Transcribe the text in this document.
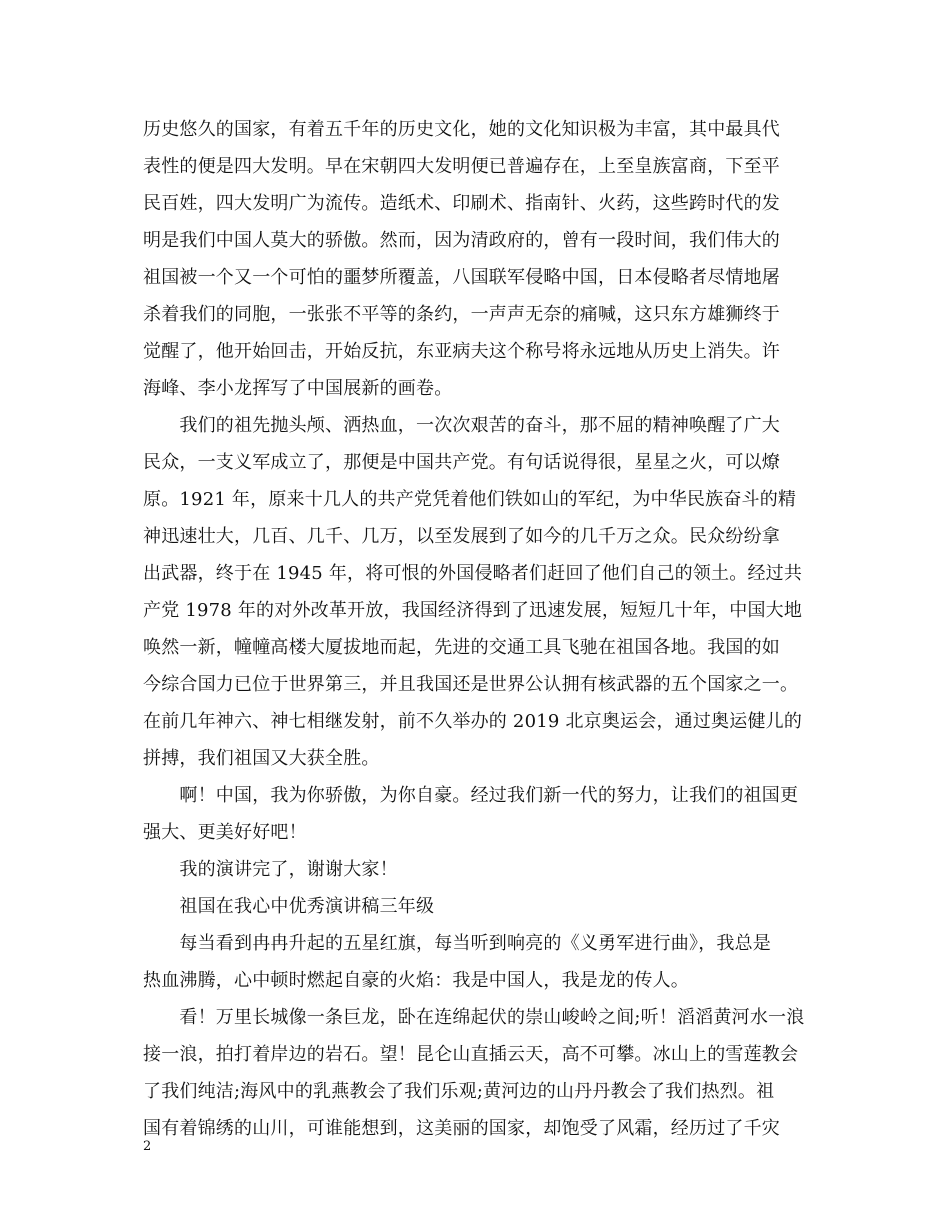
历史悠久的国家，有着五千年的历史文化，她的文化知识极为丰富，其中最具代
表性的便是四大发明。早在宋朝四大发明便已普遍存在，上至皇族富商，下至平
民百姓，四大发明广为流传。造纸术、印刷术、指南针、火药，这些跨时代的发
明是我们中国人莫大的骄傲。然而，因为清政府的，曾有一段时间，我们伟大的
祖国被一个又一个可怕的噩梦所覆盖，八国联军侵略中国，日本侵略者尽情地屠
杀着我们的同胞，一张张不平等的条约，一声声无奈的痛喊，这只东方雄狮终于
觉醒了，他开始回击，开始反抗，东亚病夫这个称号将永远地从历史上消失。许
海峰、李小龙挥写了中国展新的画卷。
　　我们的祖先抛头颅、洒热血，一次次艰苦的奋斗，那不屈的精神唤醒了广大
民众，一支义军成立了，那便是中国共产党。有句话说得很，星星之火，可以燎
原。1921 年，原来十几人的共产党凭着他们铁如山的军纪，为中华民族奋斗的精
神迅速壮大，几百、几千、几万，以至发展到了如今的几千万之众。民众纷纷拿
出武器，终于在 1945 年，将可恨的外国侵略者们赶回了他们自己的领土。经过共
产党 1978 年的对外改革开放，我国经济得到了迅速发展，短短几十年，中国大地
唤然一新，幢幢高楼大厦拔地而起，先进的交通工具飞驰在祖国各地。我国的如
今综合国力已位于世界第三，并且我国还是世界公认拥有核武器的五个国家之一。
在前几年神六、神七相继发射，前不久举办的 2019 北京奥运会，通过奥运健儿的
拼搏，我们祖国又大获全胜。
　　啊！中国，我为你骄傲，为你自豪。经过我们新一代的努力，让我们的祖国更
强大、更美好好吧！
　　我的演讲完了，谢谢大家！
　　祖国在我心中优秀演讲稿三年级
　　每当看到冉冉升起的五星红旗，每当听到响亮的《义勇军进行曲》，我总是
热血沸腾，心中顿时燃起自豪的火焰：我是中国人，我是龙的传人。
　　看！万里长城像一条巨龙，卧在连绵起伏的崇山峻岭之间;听！滔滔黄河水一浪
接一浪，拍打着岸边的岩石。望！昆仑山直插云天，高不可攀。冰山上的雪莲教会
了我们纯洁;海风中的乳燕教会了我们乐观;黄河边的山丹丹教会了我们热烈。祖
国有着锦绣的山川，可谁能想到，这美丽的国家，却饱受了风霜，经历过了千灾
2
